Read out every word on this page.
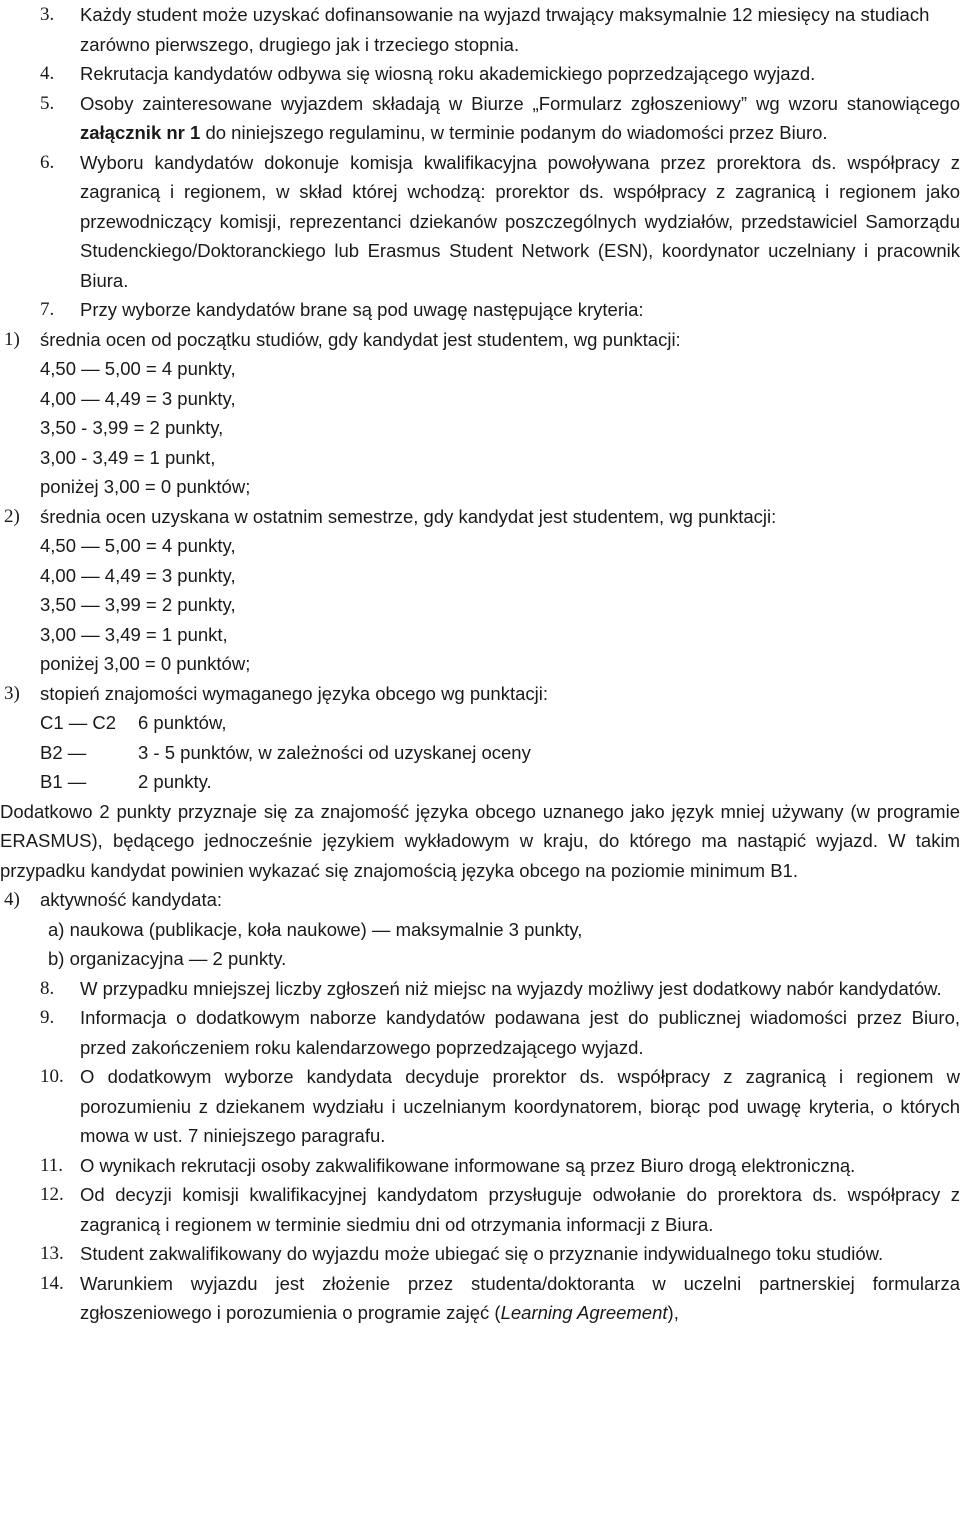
3.	Każdy student może uzyskać dofinansowanie na wyjazd trwający maksymalnie 12 miesięcy na studiach zarówno pierwszego, drugiego jak i trzeciego stopnia.
4.	Rekrutacja kandydatów odbywa się wiosną roku akademickiego poprzedzającego wyjazd.
5.	Osoby zainteresowane wyjazdem składają w Biurze „Formularz zgłoszeniowy” wg wzoru stanowiącego załącznik nr 1 do niniejszego regulaminu, w terminie podanym do wiadomości przez Biuro.
6.	Wyboru kandydatów dokonuje komisja kwalifikacyjna powoływana przez prorektora ds. współpracy z zagranicą i regionem, w skład której wchodzą: prorektor ds. współpracy z zagranicą i regionem jako przewodniczący komisji, reprezentanci dziekanów poszczególnych wydziałów, przedstawiciel Samorządu Studenckiego/Doktoranckiego lub Erasmus Student Network (ESN), koordynator uczelniany i pracownik Biura.
7.	Przy wyborze kandydatów brane są pod uwagę następujące kryteria:
1)	średnia ocen od początku studiów, gdy kandydat jest studentem, wg punktacji:
4,50 — 5,00 = 4 punkty,
4,00 — 4,49 = 3 punkty,
3,50 - 3,99 = 2 punkty,
3,00 - 3,49 = 1 punkt,
poniżej 3,00 = 0 punktów;
2)	średnia ocen uzyskana w ostatnim semestrze, gdy kandydat jest studentem, wg punktacji:
4,50 — 5,00 = 4 punkty,
4,00 — 4,49 = 3 punkty,
3,50 — 3,99 = 2 punkty,
3,00 — 3,49 = 1 punkt,
poniżej 3,00 = 0 punktów;
3)	stopień znajomości wymaganego języka obcego wg punktacji:
C1 — C2	6 punktów,
B2 —	3 - 5 punktów, w zależności od uzyskanej oceny
B1 —	2 punkty.
Dodatkowo 2 punkty przyznaje się za znajomość języka obcego uznanego jako język mniej używany (w programie ERASMUS), będącego jednocześnie językiem wykładowym w kraju, do którego ma nastąpić wyjazd. W takim przypadku kandydat powinien wykazać się znajomością języka obcego na poziomie minimum B1.
4)	aktywność kandydata:
a) naukowa (publikacje, koła naukowe) — maksymalnie 3 punkty,
b) organizacyjna — 2 punkty.
8.	W przypadku mniejszej liczby zgłoszeń niż miejsc na wyjazdy możliwy jest dodatkowy nabór kandydatów.
9.	Informacja o dodatkowym naborze kandydatów podawana jest do publicznej wiadomości przez Biuro, przed zakończeniem roku kalendarzowego poprzedzającego wyjazd.
10. O dodatkowym wyborze kandydata decyduje prorektor ds. współpracy z zagranicą i regionem w porozumieniu z dziekanem wydziału i uczelnianym koordynatorem, biorąc pod uwagę kryteria, o których mowa w ust. 7 niniejszego paragrafu.
11. O wynikach rekrutacji osoby zakwalifikowane informowane są przez Biuro drogą elektroniczną.
12. Od decyzji komisji kwalifikacyjnej kandydatom przysługuje odwołanie do prorektora ds. współpracy z zagranicą i regionem w terminie siedmiu dni od otrzymania informacji z Biura.
13. Student zakwalifikowany do wyjazdu może ubiegać się o przyznanie indywidualnego toku studiów.
14. Warunkiem wyjazdu jest złożenie przez studenta/doktoranta w uczelni partnerskiej formularza zgłoszeniowego i porozumienia o programie zajęć (Learning Agreement),
